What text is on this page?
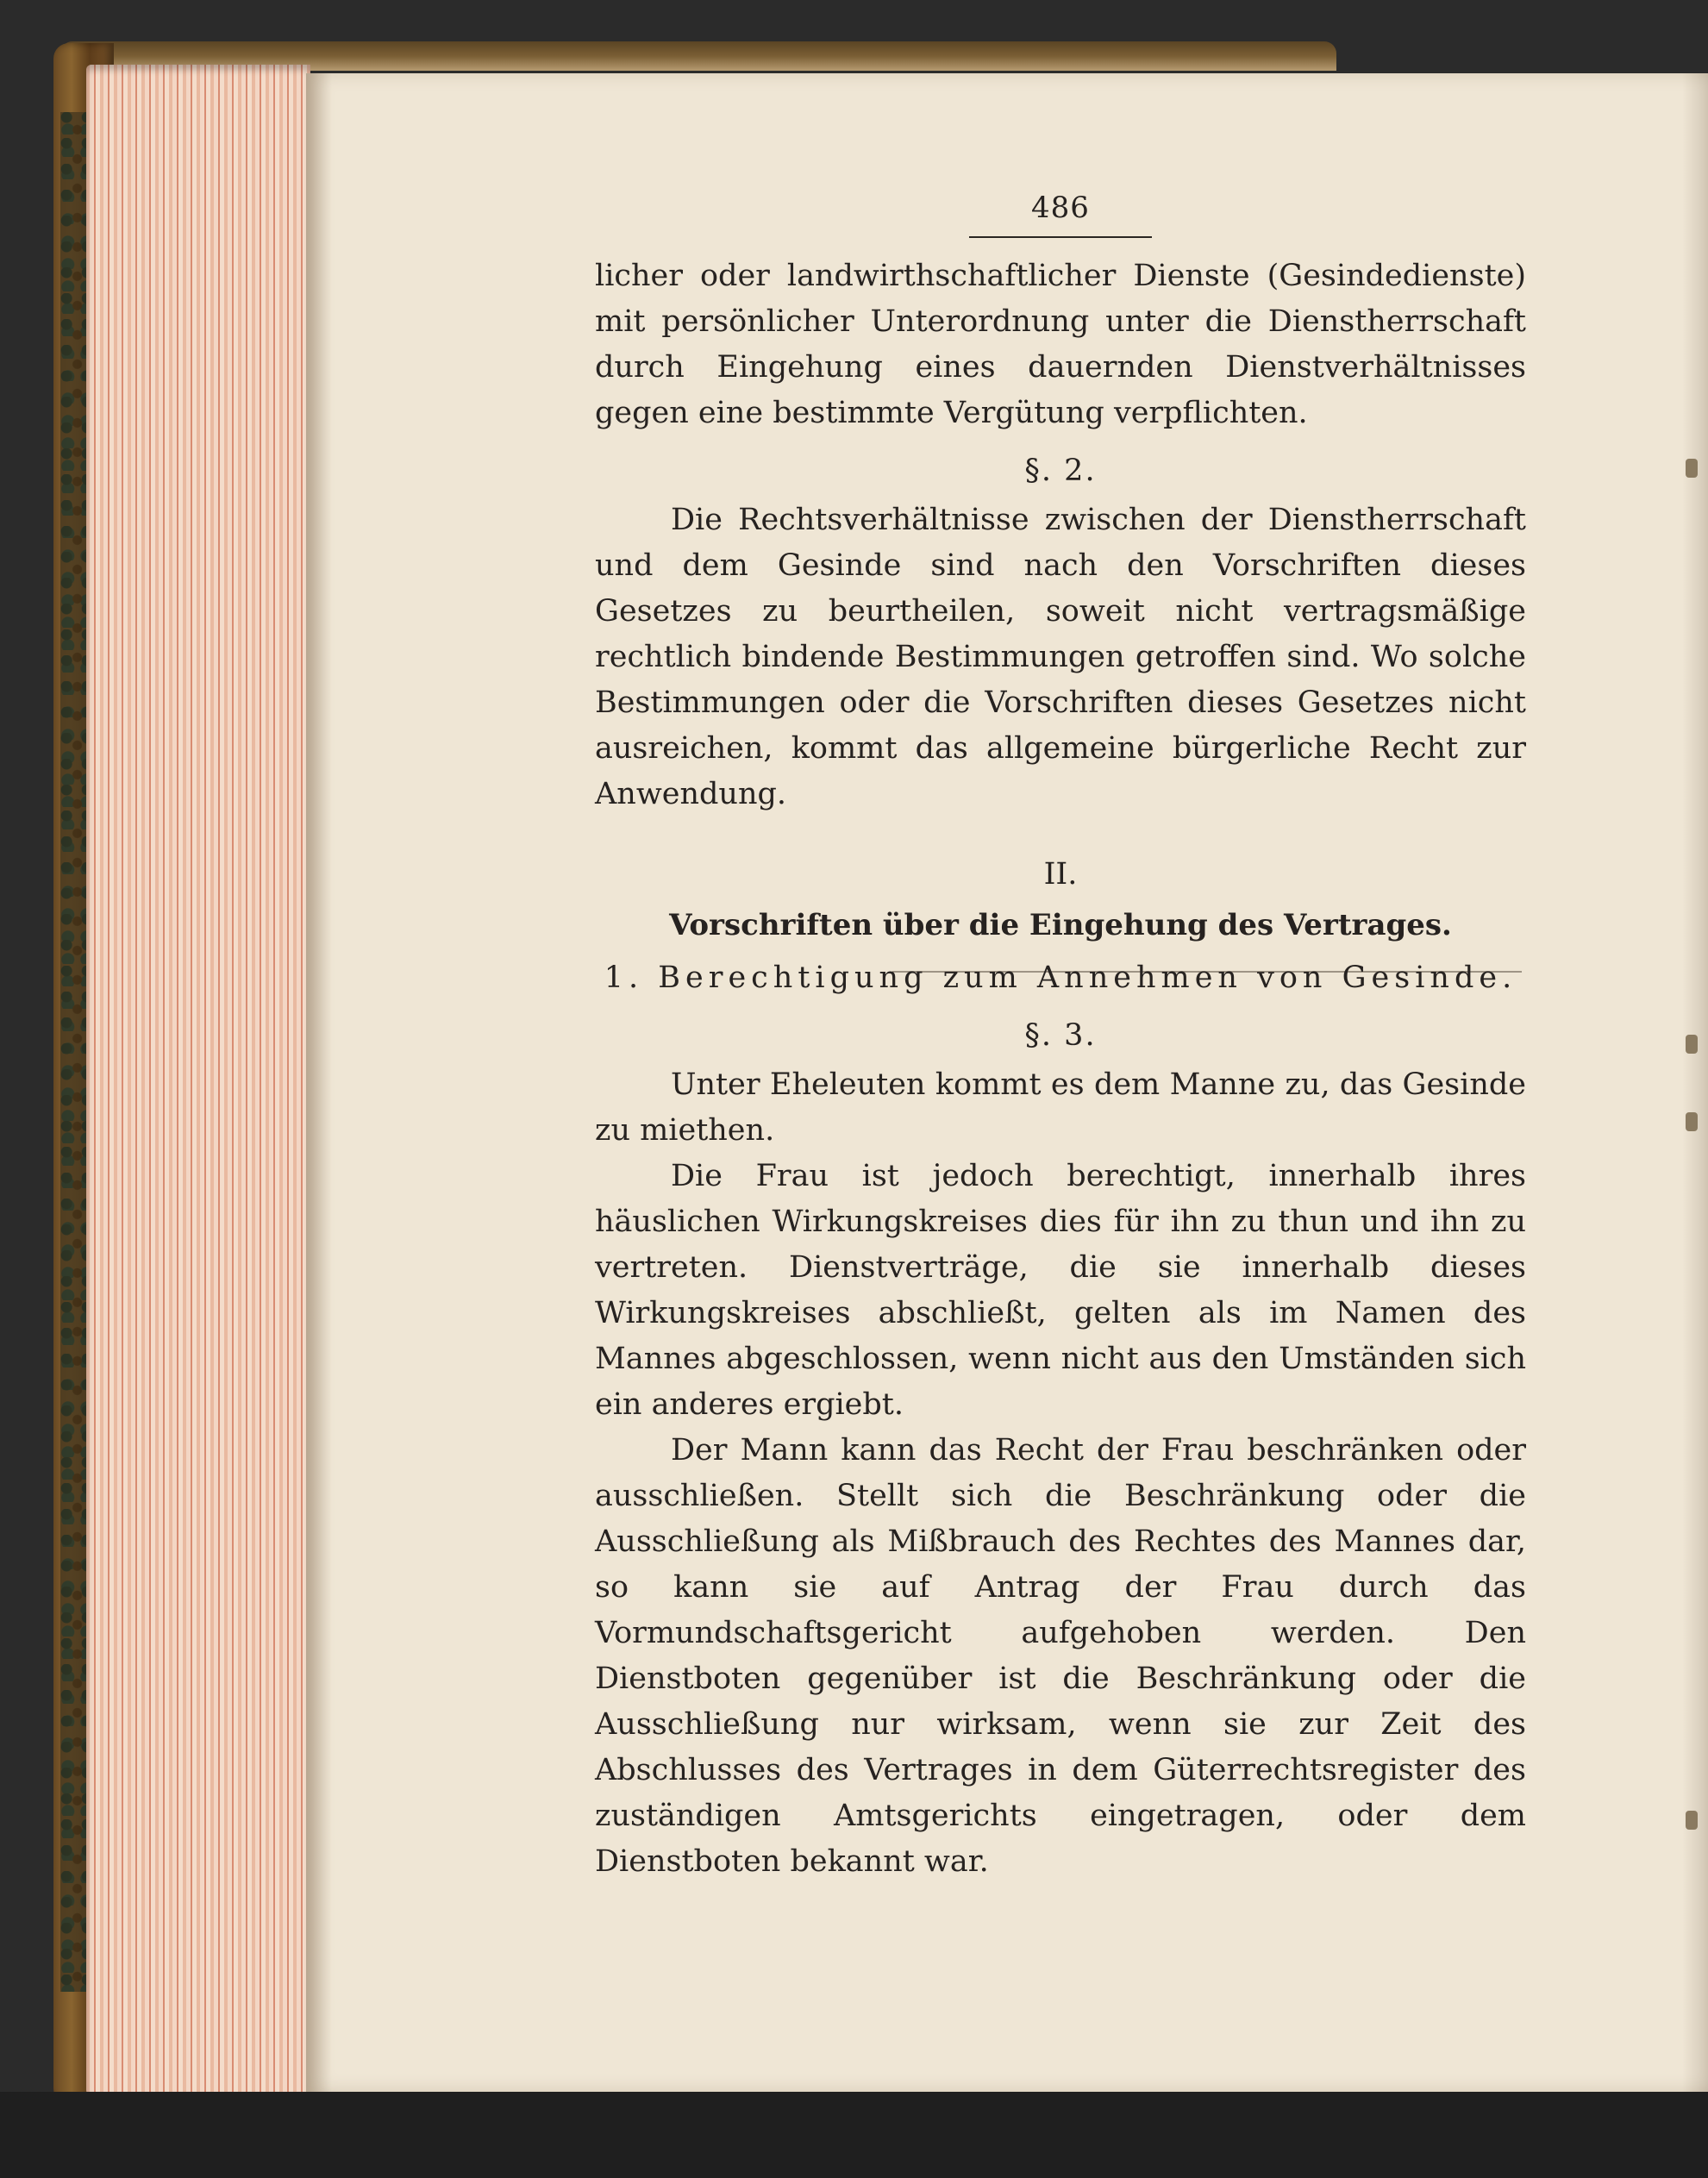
486

licher oder landwirthschaftlicher Dienste (Gesindedienste) mit persönlicher Unterordnung unter die Dienstherrschaft durch Eingehung eines dauernden Dienstverhältnisses gegen eine bestimmte Vergütung verpflichten.

§. 2.

Die Rechtsverhältnisse zwischen der Dienstherrschaft und dem Gesinde sind nach den Vorschriften dieses Gesetzes zu beurtheilen, soweit nicht vertragsmäßige rechtlich bindende Bestimmungen getroffen sind. Wo solche Bestimmungen oder die Vorschriften dieses Gesetzes nicht ausreichen, kommt das allgemeine bürgerliche Recht zur Anwendung.

II.
Vorschriften über die Eingehung des Vertrages.
1. Berechtigung zum Annehmen von Gesinde.
§. 3.

Unter Eheleuten kommt es dem Manne zu, das Gesinde zu miethen.

Die Frau ist jedoch berechtigt, innerhalb ihres häuslichen Wirkungskreises dies für ihn zu thun und ihn zu vertreten. Dienstverträge, die sie innerhalb dieses Wirkungskreises abschließt, gelten als im Namen des Mannes abgeschlossen, wenn nicht aus den Umständen sich ein anderes ergiebt.

Der Mann kann das Recht der Frau beschränken oder ausschließen. Stellt sich die Beschränkung oder die Ausschließung als Mißbrauch des Rechtes des Mannes dar, so kann sie auf Antrag der Frau durch das Vormundschaftsgericht aufgehoben werden. Den Dienstboten gegenüber ist die Beschränkung oder die Ausschließung nur wirksam, wenn sie zur Zeit des Abschlusses des Vertrages in dem Güterrechtsregister des zuständigen Amtsgerichts eingetragen, oder dem Dienstboten bekannt war.
